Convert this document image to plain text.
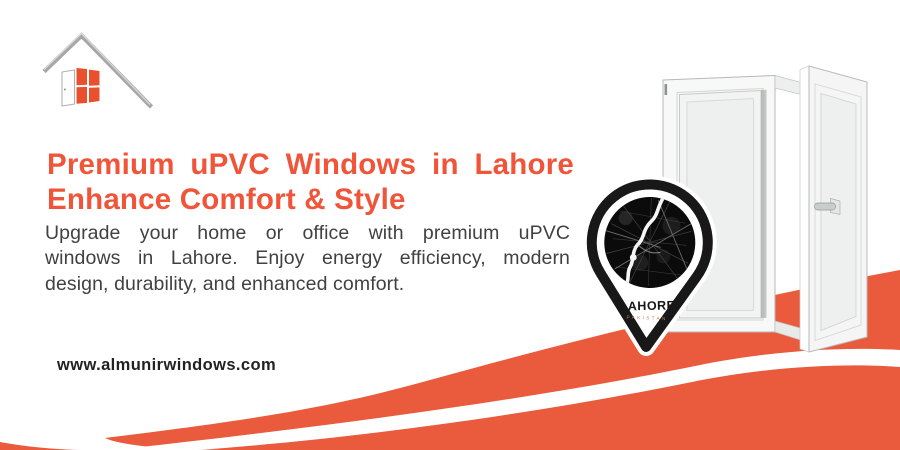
LAHORE
PAKISTAN
Premium uPVC Windows in Lahore
Enhance Comfort & Style
Upgrade your home or office with premium uPVC
windows in Lahore. Enjoy energy efficiency, modern
design, durability, and enhanced comfort.
www.almunirwindows.com
